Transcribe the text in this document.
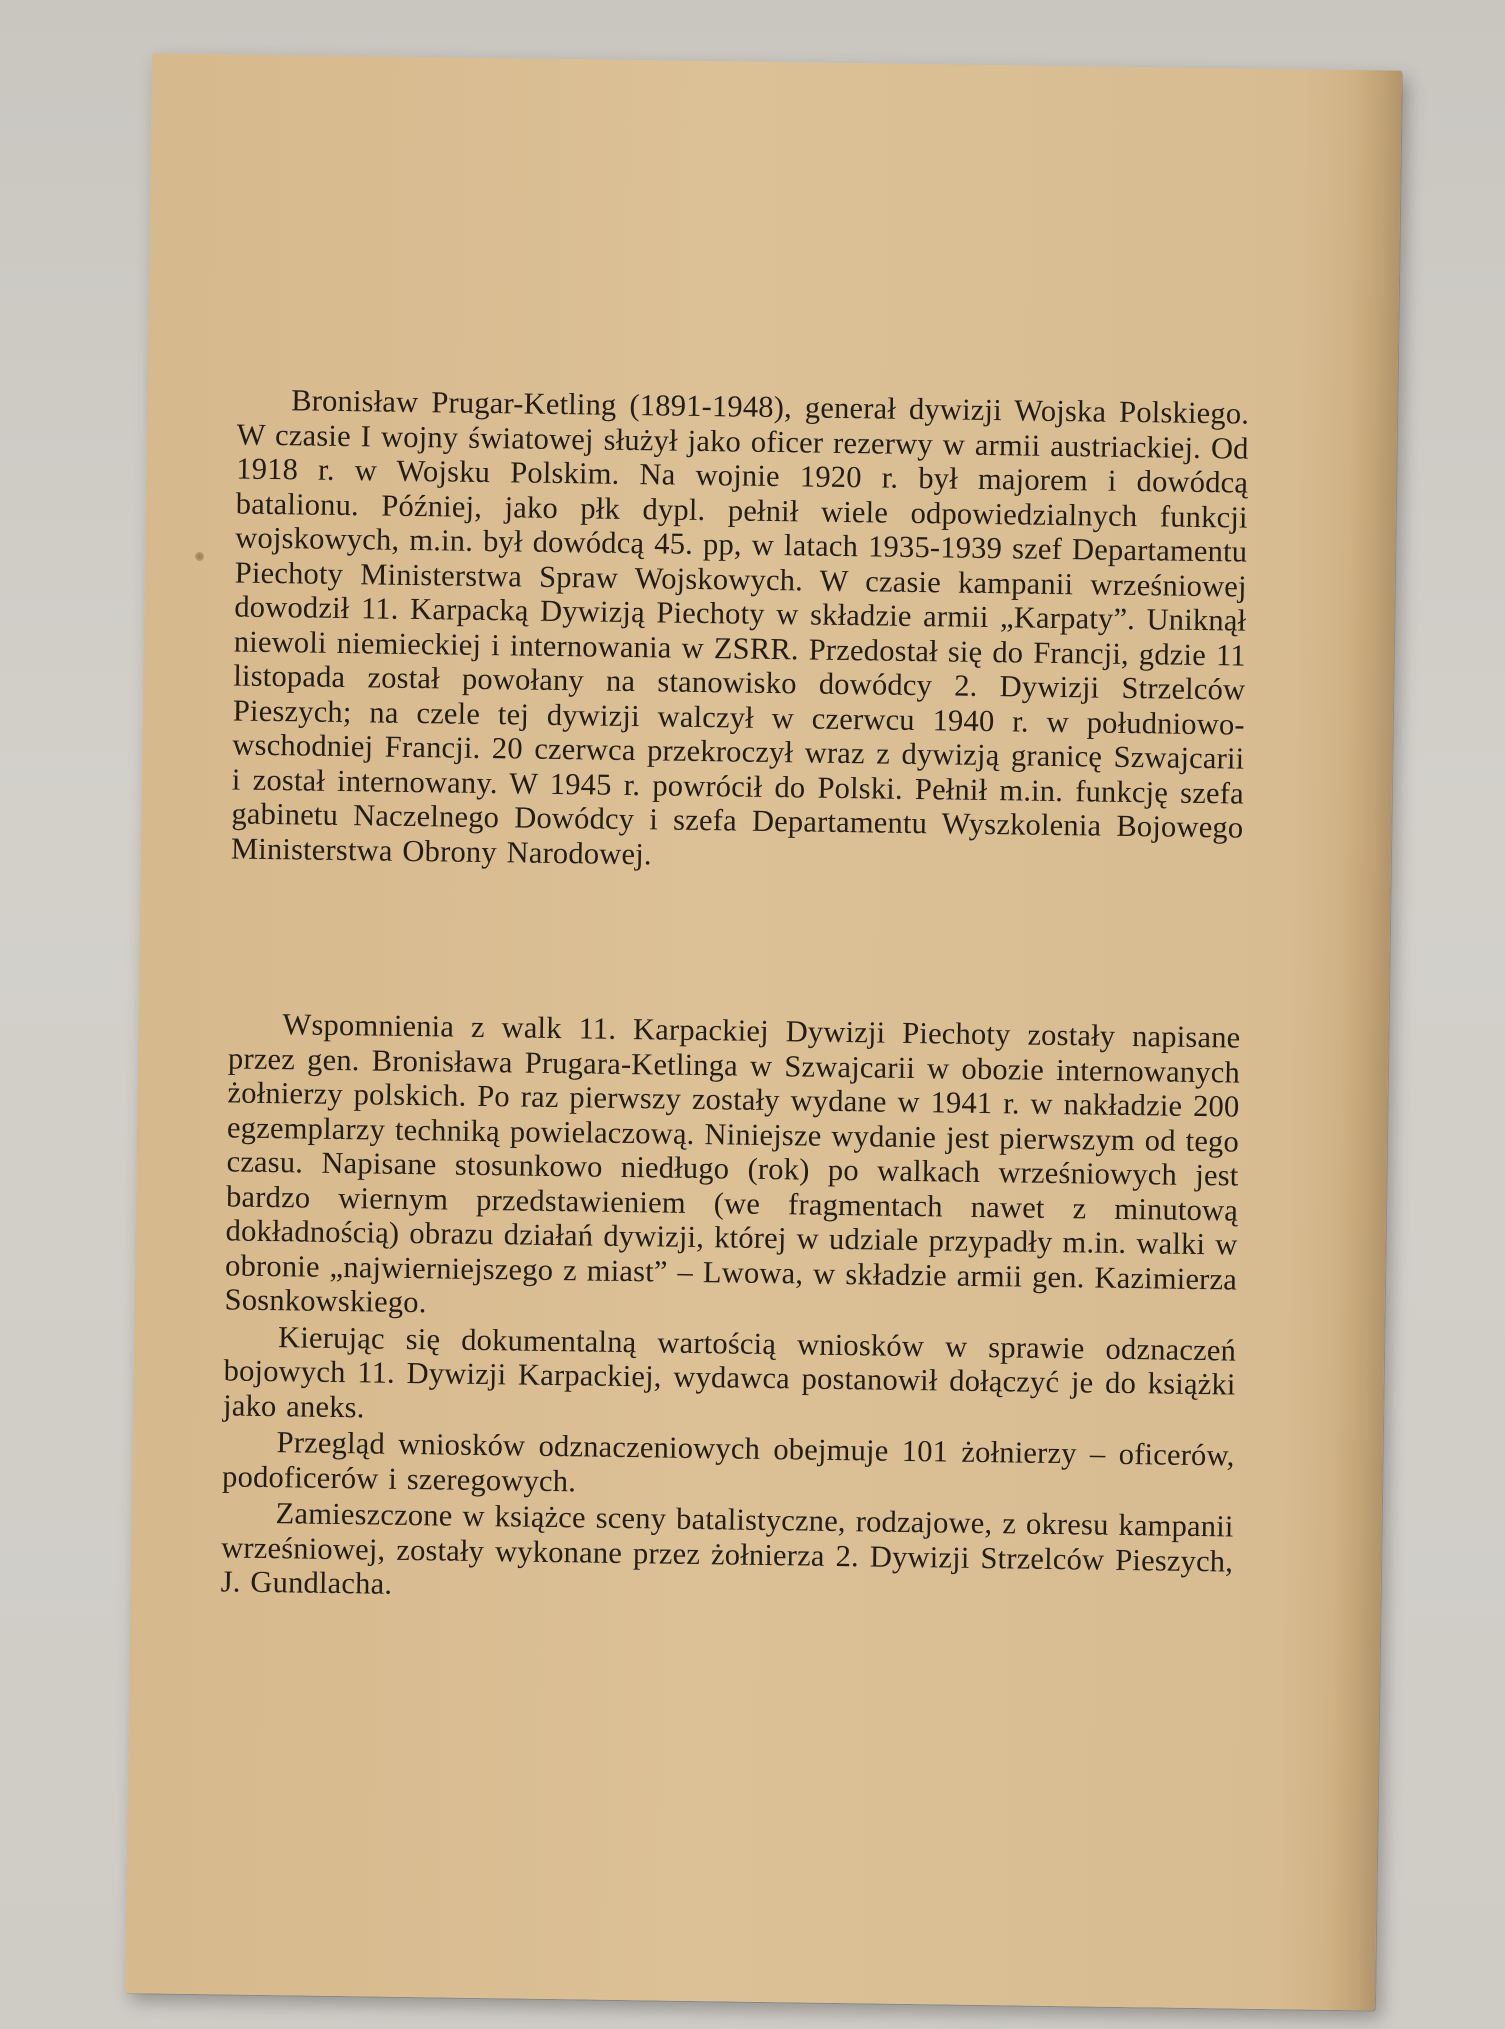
Bronisław Prugar-Ketling (1891-1948), generał dywizji Wojska Polskiego. W czasie I wojny światowej służył jako oficer rezerwy w armii austriackiej. Od 1918 r. w Wojsku Polskim. Na wojnie 1920 r. był majorem i dowódcą batalionu. Później, jako płk dypl. pełnił wiele odpowiedzialnych funkcji wojskowych, m.in. był dowódcą 45. pp, w latach 1935-1939 szef Departamentu Piechoty Ministerstwa Spraw Wojskowych. W czasie kampanii wrześniowej dowodził 11. Karpacką Dywizją Piechoty w składzie armii „Karpaty”. Uniknął niewoli niemieckiej i internowania w ZSRR. Przedostał się do Francji, gdzie 11 listopada został powołany na stanowisko dowódcy 2. Dywizji Strzelców Pieszych; na czele tej dywizji walczył w czerwcu 1940 r. w południowo-wschodniej Francji. 20 czerwca przekroczył wraz z dywizją granicę Szwajcarii i został internowany. W 1945 r. powrócił do Polski. Pełnił m.in. funkcję szefa gabinetu Naczelnego Dowódcy i szefa Departamentu Wyszkolenia Bojowego Ministerstwa Obrony Narodowej.

Wspomnienia z walk 11. Karpackiej Dywizji Piechoty zostały napisane przez gen. Bronisława Prugara-Ketlinga w Szwajcarii w obozie internowanych żołnierzy polskich. Po raz pierwszy zostały wydane w 1941 r. w nakładzie 200 egzemplarzy techniką powielaczową. Niniejsze wydanie jest pierwszym od tego czasu. Napisane stosunkowo niedługo (rok) po walkach wrześniowych jest bardzo wiernym przedstawieniem (we fragmentach nawet z minutową dokładnością) obrazu działań dywizji, której w udziale przypadły m.in. walki w obronie „najwierniejszego z miast” – Lwowa, w składzie armii gen. Kazimierza Sosnkowskiego.

Kierując się dokumentalną wartością wniosków w sprawie odznaczeń bojowych 11. Dywizji Karpackiej, wydawca postanowił dołączyć je do książki jako aneks.

Przegląd wniosków odznaczeniowych obejmuje 101 żołnierzy – oficerów, podoficerów i szeregowych.

Zamieszczone w książce sceny batalistyczne, rodzajowe, z okresu kampanii wrześniowej, zostały wykonane przez żołnierza 2. Dywizji Strzelców Pieszych, J. Gundlacha.
